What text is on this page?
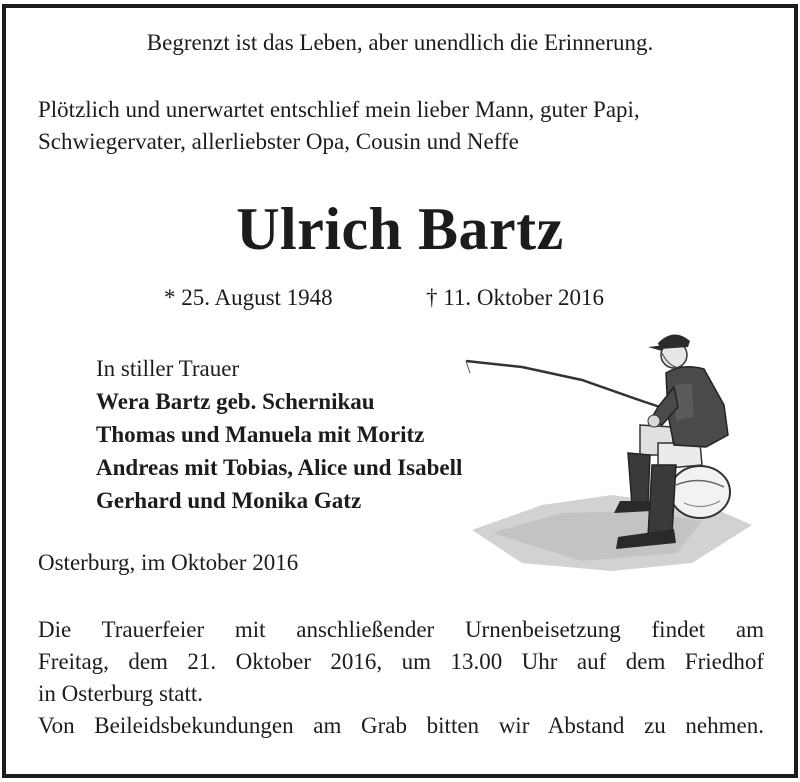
Begrenzt ist das Leben, aber unendlich die Erinnerung.
Plötzlich und unerwartet entschlief mein lieber Mann, guter Papi,
Schwiegervater, allerliebster Opa, Cousin und Neffe
Ulrich Bartz
* 25. August 1948	† 11. Oktober 2016
In stiller Trauer
Wera Bartz geb. Schernikau
Thomas und Manuela mit Moritz
Andreas mit Tobias, Alice und Isabell
Gerhard und Monika Gatz
Osterburg, im Oktober 2016
Die Trauerfeier mit anschließender Urnenbeisetzung findet am
Freitag, dem 21. Oktober 2016, um 13.00 Uhr auf dem Friedhof
in Osterburg statt.
Von Beileidsbekundungen am Grab bitten wir Abstand zu nehmen.
